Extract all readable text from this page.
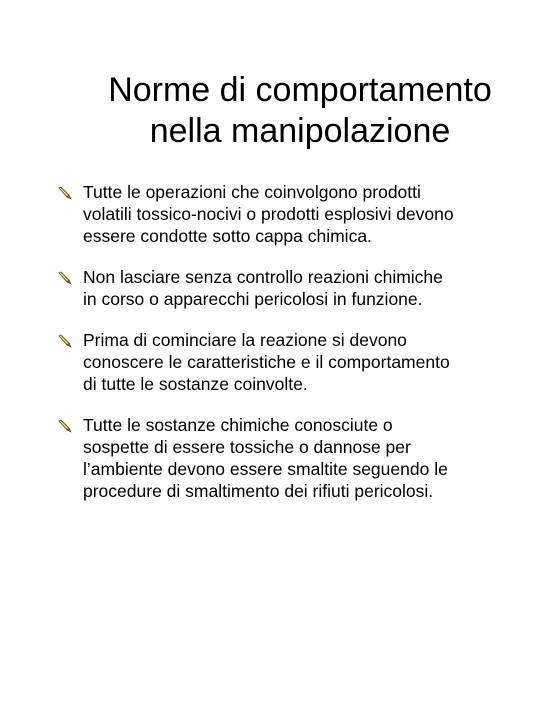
Norme di comportamento
nella manipolazione
Tutte le operazioni che coinvolgono prodotti
volatili tossico-nocivi o prodotti esplosivi devono
essere condotte sotto cappa chimica.
Non lasciare senza controllo reazioni chimiche
in corso o apparecchi pericolosi in funzione.
Prima di cominciare la reazione si devono
conoscere le caratteristiche e il comportamento
di tutte le sostanze coinvolte.
Tutte le sostanze chimiche conosciute o
sospette di essere tossiche o dannose per
l’ambiente devono essere smaltite seguendo le
procedure di smaltimento dei rifiuti pericolosi.
